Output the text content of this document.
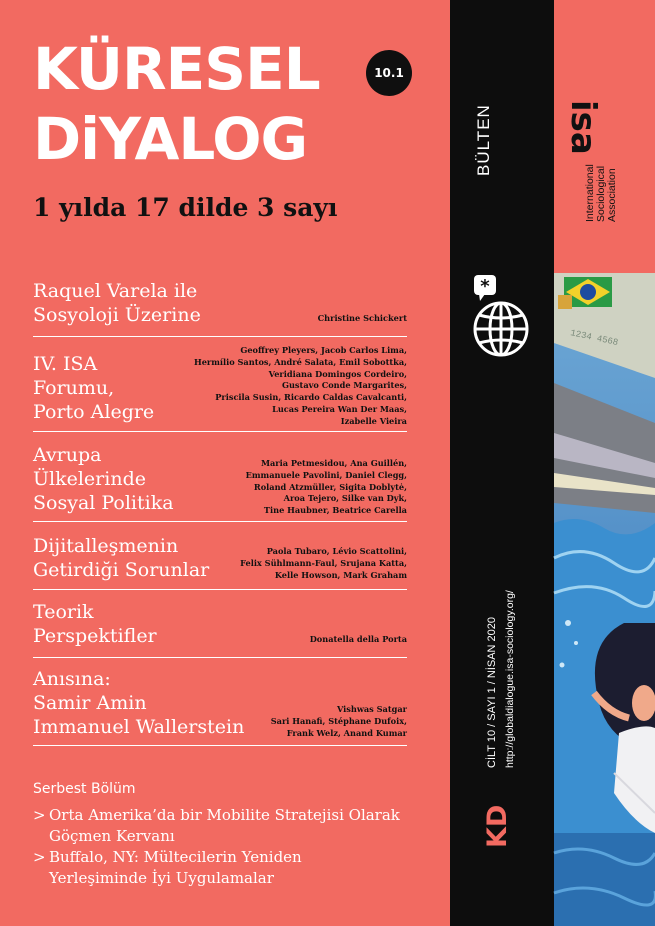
KÜRESEL
DiYALOG
10.1
1 yılda 17 dilde 3 sayı
Raquel Varela ile
Sosyoloji Üzerine	Christine Schickert
IV. ISA
Forumu,
Porto Alegre
Geoffrey Pleyers, Jacob Carlos Lima,
Hermílio Santos, André Salata, Emil Sobottka,
Veridiana Domingos Cordeiro,
Gustavo Conde Margarites,
Priscila Susin, Ricardo Caldas Cavalcanti,
Lucas Pereira Wan Der Maas,
Izabelle Vieira
Avrupa
Ülkelerinde
Sosyal Politika
Maria Petmesidou, Ana Guillén,
Emmanuele Pavolini, Daniel Clegg,
Roland Atzmüller, Sigita Doblytė,
Aroa Tejero, Silke van Dyk,
Tine Haubner, Beatrice Carella
Dijitalleşmenin
Getirdiği Sorunlar
Paola Tubaro, Lévio Scattolini,
Felix Sühlmann-Faul, Srujana Katta,
Kelle Howson, Mark Graham
Teorik
Perspektifler	Donatella della Porta
Anısına:
Samir Amin
Immanuel Wallerstein
Vishwas Satgar
Sari Hanafi, Stéphane Dufoix,
Frank Welz, Anand Kumar
Serbest Bölüm
> Orta Amerika’da bir Mobilite Stratejisi Olarak
Göçmen Kervanı
> Buffalo, NY: Mültecilerin Yeniden
Yerleşiminde İyi Uygulamalar
BÜLTEN
*
CİLT 10 / SAYI 1 / NİSAN 2020 http://globaldialogue.isa-sociology.org/
KD
isa
International Sociological Association
1234 4568
